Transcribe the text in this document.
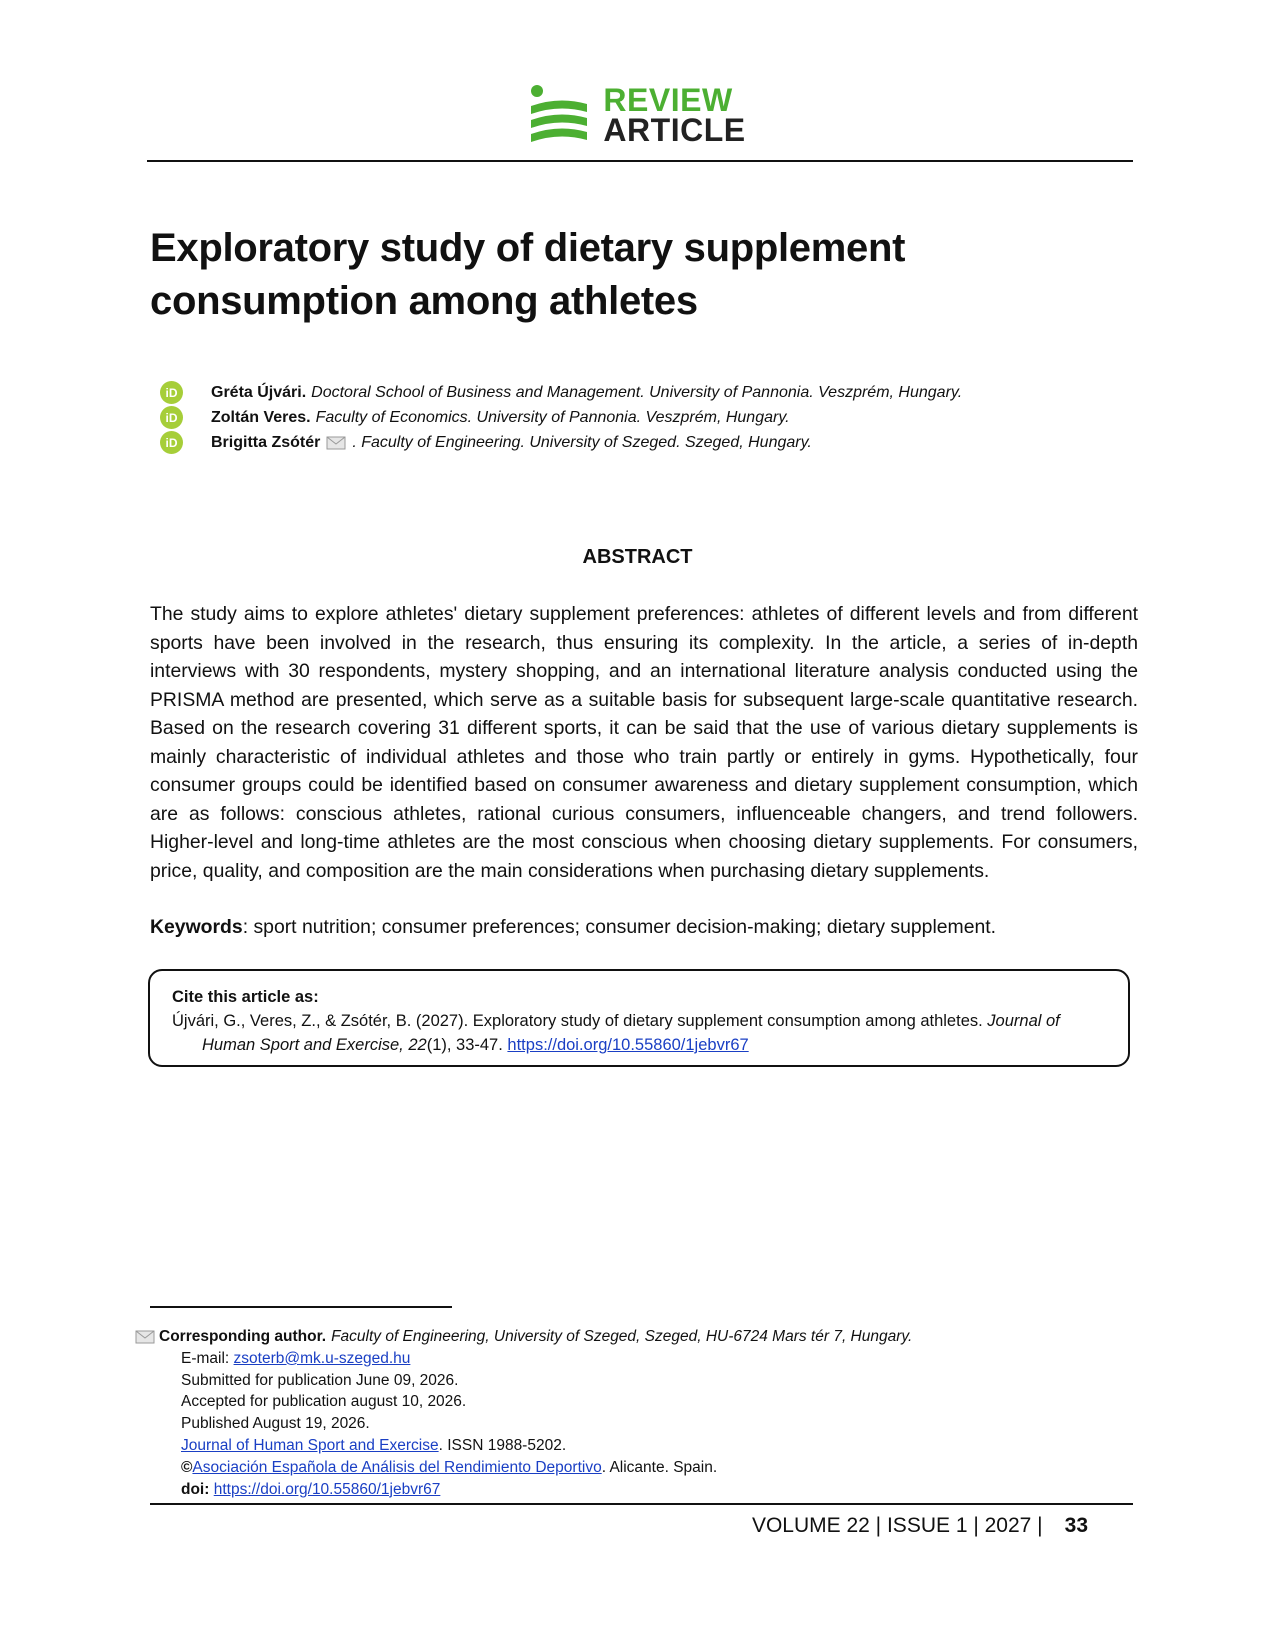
REVIEW
ARTICLE
Exploratory study of dietary supplement consumption among athletes
iD	Gréta Újvári. Doctoral School of Business and Management. University of Pannonia. Veszprém, Hungary.
iD	Zoltán Veres. Faculty of Economics. University of Pannonia. Veszprém, Hungary.
iD	Brigitta Zsótér . Faculty of Engineering. University of Szeged. Szeged, Hungary.
ABSTRACT

The study aims to explore athletes' dietary supplement preferences: athletes of different levels and from different sports have been involved in the research, thus ensuring its complexity. In the article, a series of in-depth interviews with 30 respondents, mystery shopping, and an international literature analysis conducted using the PRISMA method are presented, which serve as a suitable basis for subsequent large-scale quantitative research. Based on the research covering 31 different sports, it can be said that the use of various dietary supplements is mainly characteristic of individual athletes and those who train partly or entirely in gyms. Hypothetically, four consumer groups could be identified based on consumer awareness and dietary supplement consumption, which are as follows: conscious athletes, rational curious consumers, influenceable changers, and trend followers. Higher-level and long-time athletes are the most conscious when choosing dietary supplements. For consumers, price, quality, and composition are the main considerations when purchasing dietary supplements.

Keywords: sport nutrition; consumer preferences; consumer decision-making; dietary supplement.

Cite this article as:
Újvári, G., Veres, Z., & Zsótér, B. (2027). Exploratory study of dietary supplement consumption among athletes. Journal of
Human Sport and Exercise, 22(1), 33-47. https://doi.org/10.55860/1jebvr67
Corresponding author. Faculty of Engineering, University of Szeged, Szeged, HU-6724 Mars tér 7, Hungary.
E-mail: zsoterb@mk.u-szeged.hu
Submitted for publication June 09, 2026.
Accepted for publication august 10, 2026.
Published August 19, 2026.
Journal of Human Sport and Exercise. ISSN 1988-5202.
©Asociación Española de Análisis del Rendimiento Deportivo. Alicante. Spain.
doi: https://doi.org/10.55860/1jebvr67
VOLUME 22 | ISSUE 1 | 2027 | 33
